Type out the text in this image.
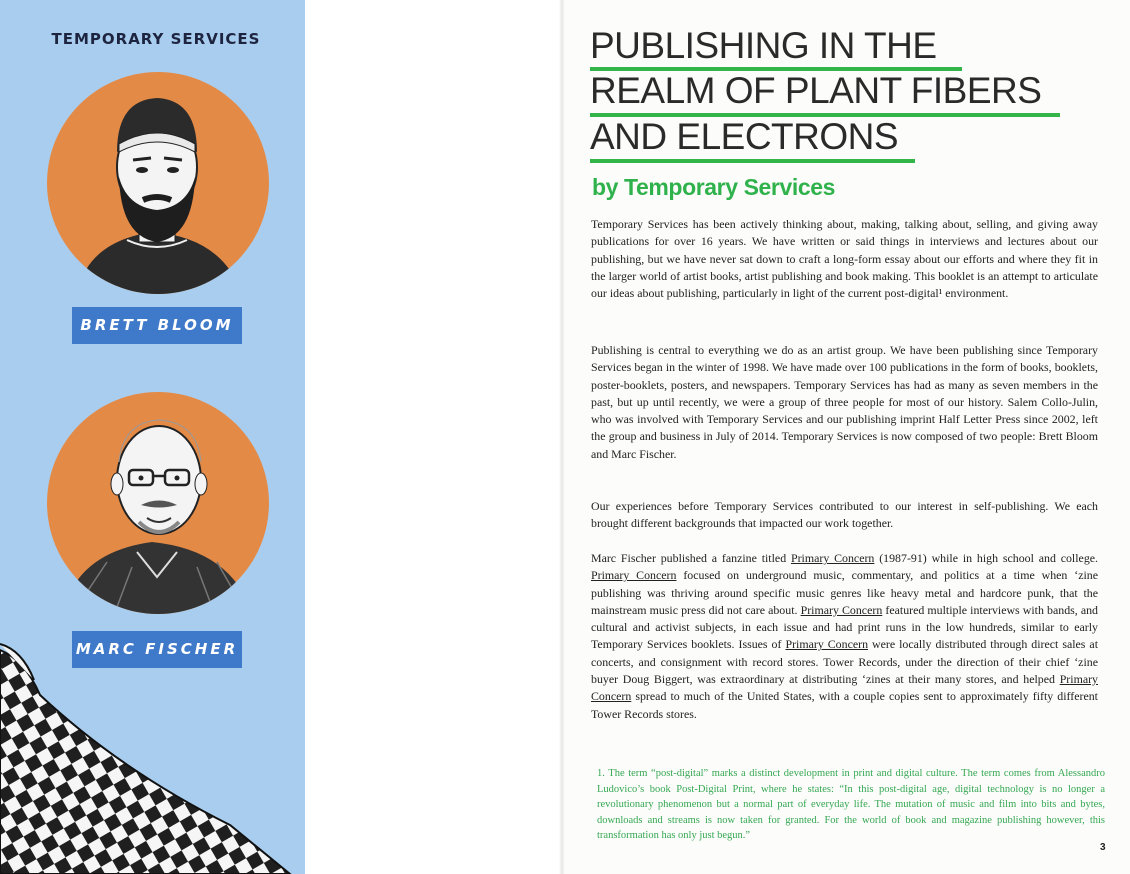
TEMPORARY SERVICES
BRETT BLOOM
MARC FISCHER
PUBLISHING IN THE
REALM OF PLANT FIBERS
AND ELECTRONS
by Temporary Services

Temporary Services has been actively thinking about, making, talking about, selling, and giving away publications for over 16 years. We have written or said things in interviews and lectures about our publishing, but we have never sat down to craft a long-form essay about our efforts and where they fit in the larger world of artist books, artist publishing and book making. This booklet is an attempt to articulate our ideas about publishing, particularly in light of the current post-digital¹ environment.

Publishing is central to everything we do as an artist group. We have been publishing since Temporary Services began in the winter of 1998. We have made over 100 publications in the form of books, booklets, poster-booklets, posters, and newspapers. Temporary Services has had as many as seven members in the past, but up until recently, we were a group of three people for most of our history. Salem Collo-Julin, who was involved with Temporary Services and our publishing imprint Half Letter Press since 2002, left the group and business in July of 2014. Temporary Services is now composed of two people: Brett Bloom and Marc Fischer.

Our experiences before Temporary Services contributed to our interest in self-publishing. We each brought different backgrounds that impacted our work together.

Marc Fischer published a fanzine titled Primary Concern (1987-91) while in high school and college. Primary Concern focused on underground music, commentary, and politics at a time when ‘zine publishing was thriving around specific music genres like heavy metal and hardcore punk, that the mainstream music press did not care about. Primary Concern featured multiple interviews with bands, and cultural and activist subjects, in each issue and had print runs in the low hundreds, similar to early Temporary Services booklets. Issues of Primary Concern were locally distributed through direct sales at concerts, and consignment with record stores. Tower Records, under the direction of their chief ‘zine buyer Doug Biggert, was extraordinary at distributing ‘zines at their many stores, and helped Primary Concern spread to much of the United States, with a couple copies sent to approximately fifty different Tower Records stores.

1. The term “post-digital” marks a distinct development in print and digital culture. The term comes from Alessandro Ludovico’s book Post-Digital Print, where he states: “In this post-digital age, digital technology is no longer a revolutionary phenomenon but a normal part of everyday life. The mutation of music and film into bits and bytes, downloads and streams is now taken for granted. For the world of book and magazine publishing however, this transformation has only just begun.”

3
